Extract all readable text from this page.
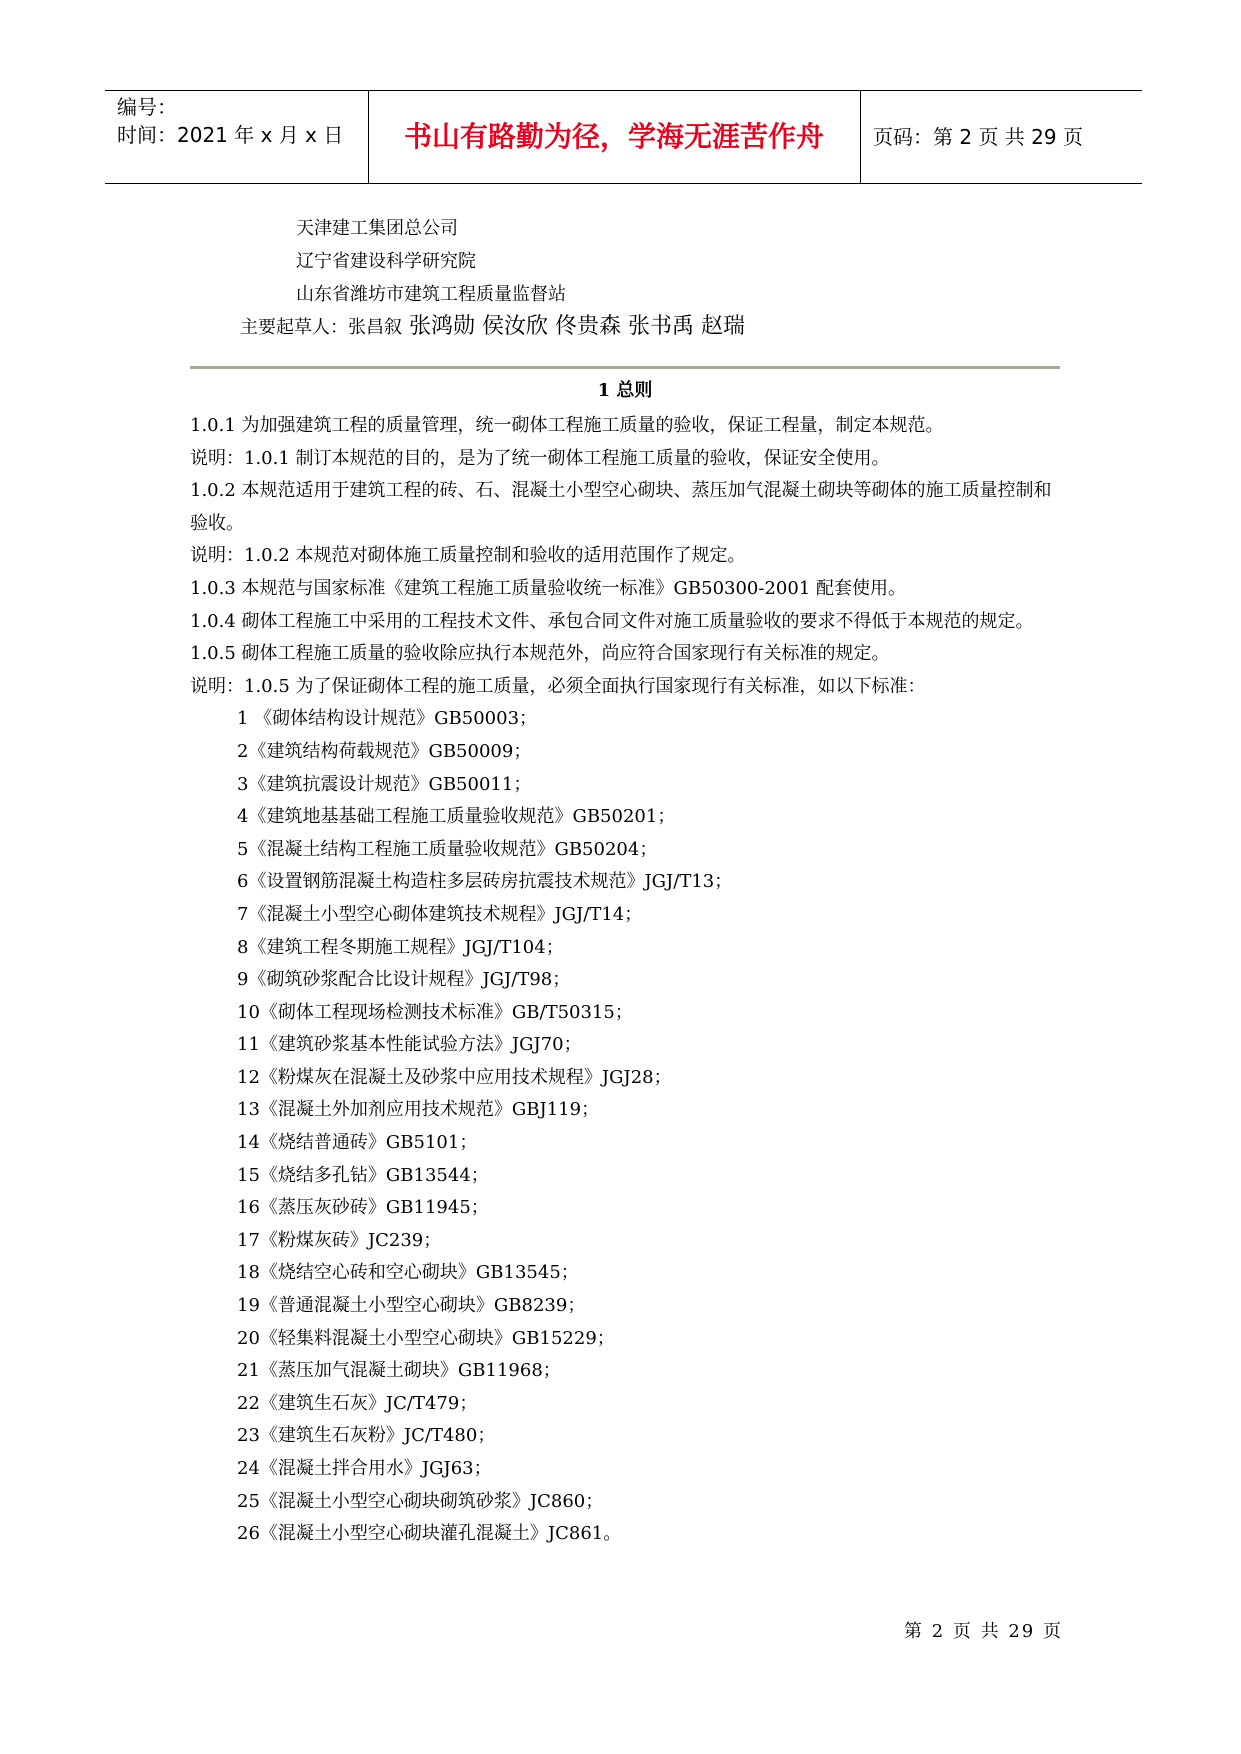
编号：
时间：2021 年 x 月 x 日	书山有路勤为径，学海无涯苦作舟	页码：第 2 页 共 29 页
天津建工集团总公司
辽宁省建设科学研究院
山东省潍坊市建筑工程质量监督站
主要起草人：张昌叙 张鸿勋 侯汝欣 佟贵森 张书禹 赵瑞
1 总则

1.0.1 为加强建筑工程的质量管理，统一砌体工程施工质量的验收，保证工程量，制定本规范。

说明：1.0.1 制订本规范的目的，是为了统一砌体工程施工质量的验收，保证安全使用。

1.0.2 本规范适用于建筑工程的砖、石、混凝土小型空心砌块、蒸压加气混凝土砌块等砌体的施工质量控制和验收。

说明：1.0.2 本规范对砌体施工质量控制和验收的适用范围作了规定。

1.0.3 本规范与国家标准《建筑工程施工质量验收统一标准》GB50300-2001 配套使用。

1.0.4 砌体工程施工中采用的工程技术文件、承包合同文件对施工质量验收的要求不得低于本规范的规定。

1.0.5 砌体工程施工质量的验收除应执行本规范外，尚应符合国家现行有关标准的规定。

说明：1.0.5 为了保证砌体工程的施工质量，必须全面执行国家现行有关标准，如以下标准：

1 《砌体结构设计规范》GB50003；
2《建筑结构荷载规范》GB50009；
3《建筑抗震设计规范》GB50011；
4《建筑地基基础工程施工质量验收规范》GB50201；
5《混凝土结构工程施工质量验收规范》GB50204；
6《设置钢筋混凝土构造柱多层砖房抗震技术规范》JGJ/T13；
7《混凝土小型空心砌体建筑技术规程》JGJ/T14；
8《建筑工程冬期施工规程》JGJ/T104；
9《砌筑砂浆配合比设计规程》JGJ/T98；
10《砌体工程现场检测技术标准》GB/T50315；
11《建筑砂浆基本性能试验方法》JGJ70；
12《粉煤灰在混凝土及砂浆中应用技术规程》JGJ28；
13《混凝土外加剂应用技术规范》GBJ119；
14《烧结普通砖》GB5101；
15《烧结多孔钻》GB13544；
16《蒸压灰砂砖》GB11945；
17《粉煤灰砖》JC239；
18《烧结空心砖和空心砌块》GB13545；
19《普通混凝土小型空心砌块》GB8239；
20《轻集料混凝土小型空心砌块》GB15229；
21《蒸压加气混凝土砌块》GB11968；
22《建筑生石灰》JC/T479；
23《建筑生石灰粉》JC/T480；
24《混凝土拌合用水》JGJ63；
25《混凝土小型空心砌块砌筑砂浆》JC860；
26《混凝土小型空心砌块灌孔混凝土》JC861。
第 2 页 共 29 页
